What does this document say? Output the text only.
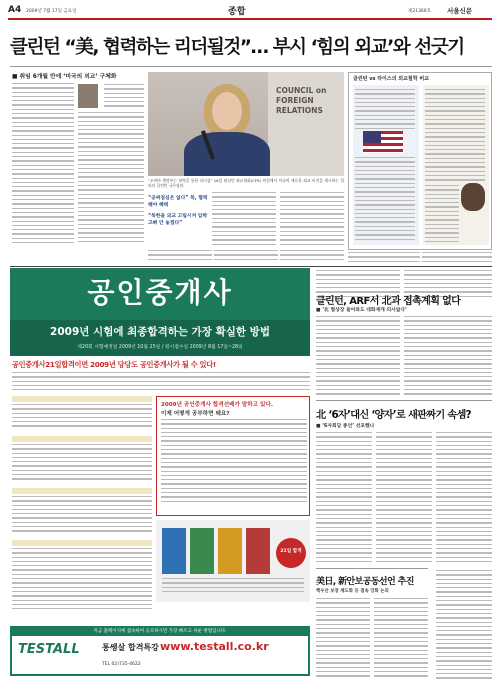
A4 2009년 7월 17일 금요일	종합	제21366호 서울신문
클린턴 “美, 협력하는 리더될것”… 부시 ‘힘의 외교’와 선긋기
■ 취임 6개월 만에 ‘미국의 외교’ 구체화
COUNCIL on FOREIGN RELATIONS
“오바마 행정부는 협력을 통한 리더십” 16일 워싱턴 외교협회(CFR) 연설에서 미국의 새로운 외교 비전을 제시하는 힐러리 클린턴 국무장관.
“공짜점심은 없다” 북, 협력해야 혜택
“북한을 외교 고립시켜 압박 고삐 안 놓겠다”
클린턴 vs 라이스의 외교철학 비교
공인중개사
2009년 시험에 최종합격하는 가장 확실한 방법
제20회 시험예정일 2009년 10월 25일 / 원서접수일 2009년 8월 17일~28일
공인중개사21일합격이면 2009년 당당도 공인중개사가 될 수 있다!
2009년 공인중개사 합격선배가 말하고 있다.
이제 어떻게 공부하면 돼요?
21일 합격
지금 홈페이지에 접속하여 응모하시면 가장 빠르고 쉬운 방법입니다.
TESTALL	통쌩살 합격특강 www.testall.co.kr
TEL 02)735-4622
클린턴, ARF서 北과 접촉계획 없다
■ ‘北 협상장 들어와도 대화재개 의사없다’
北 ‘6자’대신 ‘양자’로 새판짜기 속셈?
■ ‘6자회담 종언’ 선포했나
美日, 新안보공동선언 추진
핵우산 보장 제도화 등 결속 강화 논의
